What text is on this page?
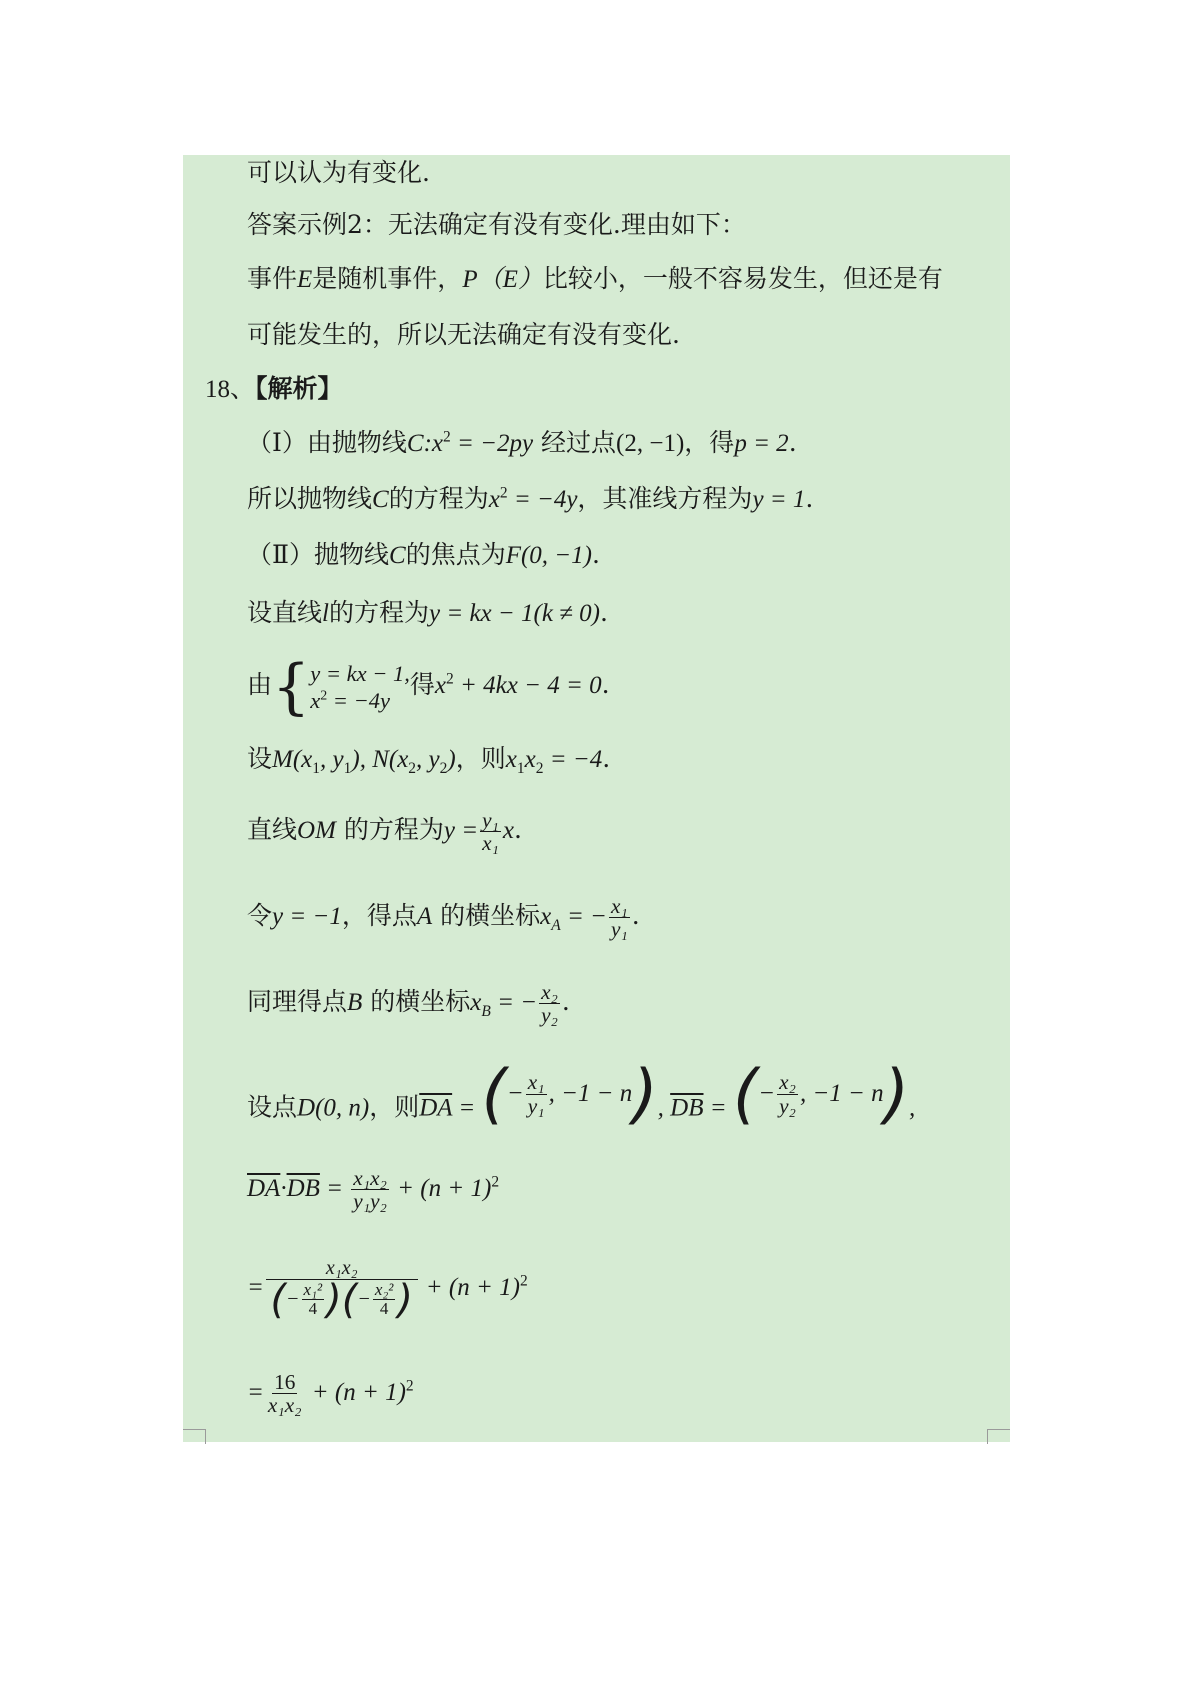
可以认为有变化.
答案示例2：无法确定有没有变化.理由如下：
事件E是随机事件，P（E）比较小，一般不容易发生，但还是有
可能发生的，所以无法确定有没有变化.
18、【解析】
（Ⅰ）由抛物线$C:x^2 = -2py$ 经过点(2, −1)，得p = 2.
所以抛物线C的方程为$x^2 = -4y$，其准线方程为y = 1.
（Ⅱ）抛物线C的焦点为F(0, −1).
设直线l的方程为y = kx − 1(k ≠ 0).
由 { y = kx − 1,
$x^2 = -4y$
得$x^2 + 4kx - 4 = 0$.
设$M(x_1$, $y_1$), $N(x_2$, $y_2$)，则$x_1x_2 = -4$.
直线OM 的方程为$y = \frac{\text{y₁}}{\text{x₁}} x$.
令y = −1，得点A 的横坐标$x_A$ = − $\frac{\text{x₁}}{\text{y₁}}$ .
同理得点B 的横坐标$x_B$ = − $\frac{\text{x₂}}{\text{y₂}}$ .
设点D(0, n)，则$\overline{DA}$ = ( − $\frac{\text{x₁}}{\text{y₁}}$ , −1 − n ) , $\overline{DB}$ = ( − $\frac{\text{x₂}}{\text{y₂}}$ , −1 − n ) ,
$\overline{DA}\cdot\overline{DB} = \frac{\text{x₁x₂}}{\text{y₁y₂}} + (n + 1)^2$
= $\frac{\text{x₁x₂}}{( - \frac{\text{x₁²}}{4} ) ( - \frac{\text{x₂²}}{4} )} + (n + 1)^2$
= $\frac{16}{\text{x₁x₂}} + (n + 1)^2$
